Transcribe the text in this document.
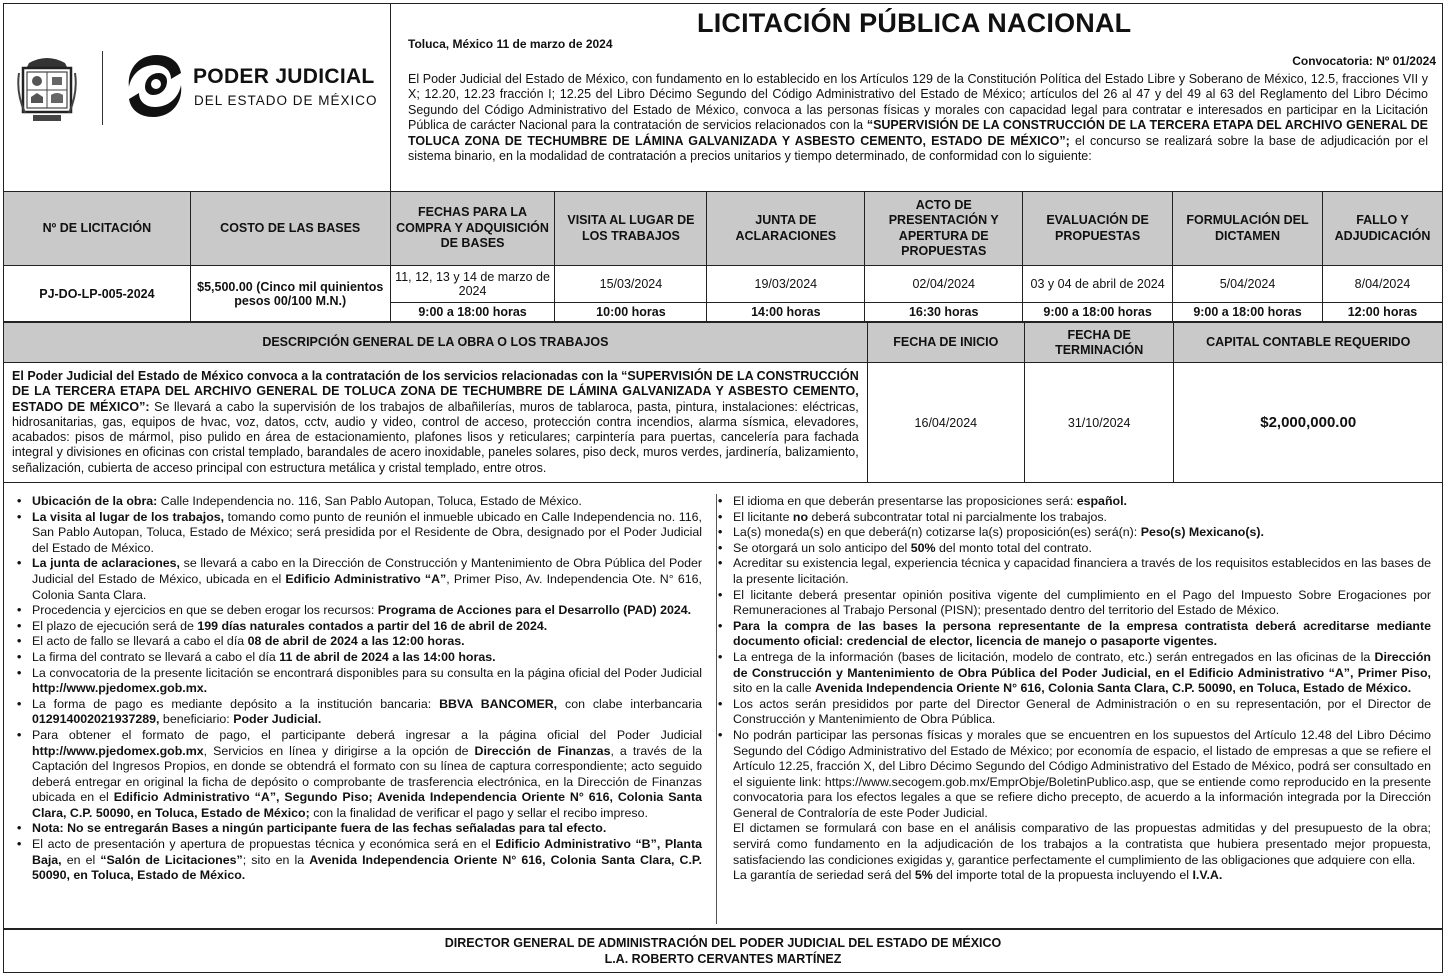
PODER JUDICIAL
DEL ESTADO DE MÉXICO
Toluca, México 11 de marzo de 2024
LICITACIÓN PÚBLICA NACIONAL
Convocatoria: Nº 01/2024
El Poder Judicial del Estado de México, con fundamento en lo establecido en los Artículos 129 de la Constitución Política del Estado Libre y Soberano de México, 12.5, fracciones VII y X; 12.20, 12.23 fracción I; 12.25 del Libro Décimo Segundo del Código Administrativo del Estado de México; artículos del 26 al 47 y del 49 al 63 del Reglamento del Libro Décimo Segundo del Código Administrativo del Estado de México, convoca a las personas físicas y morales con capacidad legal para contratar e interesados en participar en la Licitación Pública de carácter Nacional para la contratación de servicios relacionados con la “SUPERVISIÓN DE LA CONSTRUCCIÓN DE LA TERCERA ETAPA DEL ARCHIVO GENERAL DE TOLUCA ZONA DE TECHUMBRE DE LÁMINA GALVANIZADA Y ASBESTO CEMENTO, ESTADO DE MÉXICO”; el concurso se realizará sobre la base de adjudicación por el sistema binario, en la modalidad de contratación a precios unitarios y tiempo determinado, de conformidad con lo siguiente:
Nº DE LICITACIÓN	COSTO DE LAS BASES	FECHAS PARA LA COMPRA Y ADQUISICIÓN DE BASES	VISITA AL LUGAR DE LOS TRABAJOS	JUNTA DE ACLARACIONES	ACTO DE PRESENTACIÓN Y APERTURA DE PROPUESTAS	EVALUACIÓN DE PROPUESTAS	FORMULACIÓN DEL DICTAMEN	FALLO Y ADJUDICACIÓN
PJ-DO-LP-005-2024	$5,500.00 (Cinco mil quinientos pesos 00/100 M.N.)	11, 12, 13 y 14 de marzo de 2024	15/03/2024	19/03/2024	02/04/2024	03 y 04 de abril de 2024	5/04/2024	8/04/2024
		9:00 a 18:00 horas	10:00 horas	14:00 horas	16:30 horas	9:00 a 18:00 horas	9:00 a 18:00 horas	12:00 horas
DESCRIPCIÓN GENERAL DE LA OBRA O LOS TRABAJOS	FECHA DE INICIO	FECHA DE TERMINACIÓN	CAPITAL CONTABLE REQUERIDO
El Poder Judicial del Estado de México convoca a la contratación de los servicios relacionadas con la “SUPERVISIÓN DE LA CONSTRUCCIÓN DE LA TERCERA ETAPA DEL ARCHIVO GENERAL DE TOLUCA ZONA DE TECHUMBRE DE LÁMINA GALVANIZADA Y ASBESTO CEMENTO, ESTADO DE MÉXICO”: Se llevará a cabo la supervisión de los trabajos de albañilerías, muros de tablaroca, pasta, pintura, instalaciones: eléctricas, hidrosanitarias, gas, equipos de hvac, voz, datos, cctv, audio y video, control de acceso, protección contra incendios, alarma sísmica, elevadores, acabados: pisos de mármol, piso pulido en área de estacionamiento, plafones lisos y reticulares; carpintería para puertas, cancelería para fachada integral y divisiones en oficinas con cristal templado, barandales de acero inoxidable, paneles solares, piso deck, muros verdes, jardinería, balizamiento, señalización, cubierta de acceso principal con estructura metálica y cristal templado, entre otros.	16/04/2024	31/10/2024	$2,000,000.00
• Ubicación de la obra: Calle Independencia no. 116, San Pablo Autopan, Toluca, Estado de México.
• La visita al lugar de los trabajos, tomando como punto de reunión el inmueble ubicado en Calle Independencia no. 116, San Pablo Autopan, Toluca, Estado de México; será presidida por el Residente de Obra, designado por el Poder Judicial del Estado de México.
• La junta de aclaraciones, se llevará a cabo en la Dirección de Construcción y Mantenimiento de Obra Pública del Poder Judicial del Estado de México, ubicada en el Edificio Administrativo “A”, Primer Piso, Av. Independencia Ote. N° 616, Colonia Santa Clara.
• Procedencia y ejercicios en que se deben erogar los recursos: Programa de Acciones para el Desarrollo (PAD) 2024.
• El plazo de ejecución será de 199 días naturales contados a partir del 16 de abril de 2024.
• El acto de fallo se llevará a cabo el día 08 de abril de 2024 a las 12:00 horas.
• La firma del contrato se llevará a cabo el día 11 de abril de 2024 a las 14:00 horas.
• La convocatoria de la presente licitación se encontrará disponibles para su consulta en la página oficial del Poder Judicial http://www.pjedomex.gob.mx.
• La forma de pago es mediante depósito a la institución bancaria: BBVA BANCOMER, con clabe interbancaria 012914002021937289, beneficiario: Poder Judicial.
• Para obtener el formato de pago, el participante deberá ingresar a la página oficial del Poder Judicial http://www.pjedomex.gob.mx, Servicios en línea y dirigirse a la opción de Dirección de Finanzas, a través de la Captación del Ingresos Propios, en donde se obtendrá el formato con su línea de captura correspondiente; acto seguido deberá entregar en original la ficha de depósito o comprobante de trasferencia electrónica, en la Dirección de Finanzas ubicada en el Edificio Administrativo “A”, Segundo Piso; Avenida Independencia Oriente N° 616, Colonia Santa Clara, C.P. 50090, en Toluca, Estado de México; con la finalidad de verificar el pago y sellar el recibo impreso.
• Nota: No se entregarán Bases a ningún participante fuera de las fechas señaladas para tal efecto.
• El acto de presentación y apertura de propuestas técnica y económica será en el Edificio Administrativo “B”, Planta Baja, en el “Salón de Licitaciones”; sito en la Avenida Independencia Oriente N° 616, Colonia Santa Clara, C.P. 50090, en Toluca, Estado de México.
• El idioma en que deberán presentarse las proposiciones será: español.
• El licitante no deberá subcontratar total ni parcialmente los trabajos.
• La(s) moneda(s) en que deberá(n) cotizarse la(s) proposición(es) será(n): Peso(s) Mexicano(s).
• Se otorgará un solo anticipo del 50% del monto total del contrato.
• Acreditar su existencia legal, experiencia técnica y capacidad financiera a través de los requisitos establecidos en las bases de la presente licitación.
• El licitante deberá presentar opinión positiva vigente del cumplimiento en el Pago del Impuesto Sobre Erogaciones por Remuneraciones al Trabajo Personal (PISN); presentado dentro del territorio del Estado de México.
• Para la compra de las bases la persona representante de la empresa contratista deberá acreditarse mediante documento oficial: credencial de elector, licencia de manejo o pasaporte vigentes.
• La entrega de la información (bases de licitación, modelo de contrato, etc.) serán entregados en las oficinas de la Dirección de Construcción y Mantenimiento de Obra Pública del Poder Judicial, en el Edificio Administrativo “A”, Primer Piso, sito en la calle Avenida Independencia Oriente N° 616, Colonia Santa Clara, C.P. 50090, en Toluca, Estado de México.
• Los actos serán presididos por parte del Director General de Administración o en su representación, por el Director de Construcción y Mantenimiento de Obra Pública.
• No podrán participar las personas físicas y morales que se encuentren en los supuestos del Artículo 12.48 del Libro Décimo Segundo del Código Administrativo del Estado de México; por economía de espacio, el listado de empresas a que se refiere el Artículo 12.25, fracción X, del Libro Décimo Segundo del Código Administrativo del Estado de México, podrá ser consultado en el siguiente link: https://www.secogem.gob.mx/EmprObje/BoletinPublico.asp, que se entiende como reproducido en la presente convocatoria para los efectos legales a que se refiere dicho precepto, de acuerdo a la información integrada por la Dirección General de Contraloría de este Poder Judicial.

El dictamen se formulará con base en el análisis comparativo de las propuestas admitidas y del presupuesto de la obra; servirá como fundamento en la adjudicación de los trabajos a la contratista que hubiera presentado mejor propuesta, satisfaciendo las condiciones exigidas y, garantice perfectamente el cumplimiento de las obligaciones que adquiere con ella.

La garantía de seriedad será del 5% del importe total de la propuesta incluyendo el I.V.A.

DIRECTOR GENERAL DE ADMINISTRACIÓN DEL PODER JUDICIAL DEL ESTADO DE MÉXICO
L.A. ROBERTO CERVANTES MARTÍNEZ
